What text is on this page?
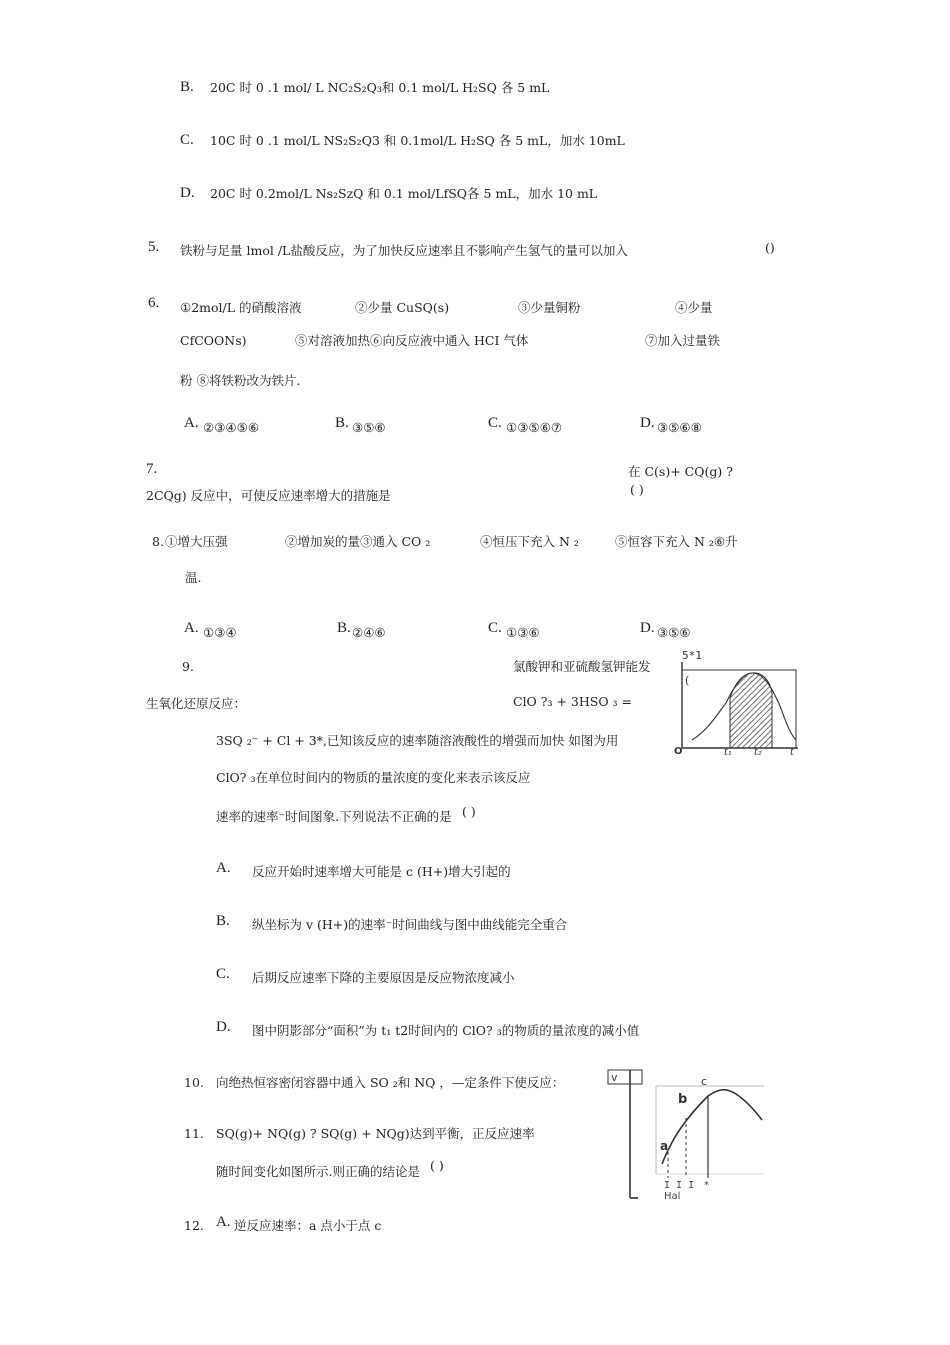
B. 20C 时 0 .1 mol/ L NC₂S₂Q₃和 0.1 mol/L H₂SQ 各 5 mL
C. 10C 时 0 .1 mol/L NS₂S₂Q3 和 0.1mol/L H₂SQ 各 5 mL，加水 10mL
D. 20C 时 0.2mol/L Ns₂SzQ 和 0.1 mol/LfSQ各 5 mL，加水 10 mL
5. 铁粉与足量 lmol /L盐酸反应，为了加快反应速率且不影响产生氢气的量可以加入	()
6. ①2mol/L 的硝酸溶液	②少量 CuSQ(s)	③少量铜粉	④少量
CfCOONs)	⑤对溶液加热⑥向反应液中通入 HCI 气体	⑦加入过量铁
粉 ⑧将铁粉改为铁片.
A. ②③④⑤⑥	B. ③⑤⑥	C. ①③⑤⑥⑦	D. ③⑤⑥⑧
7.	在 C(s)+ CQ(g) ?
( )
2CQg) 反应中，可使反应速率增大的措施是
8. ①增大压强	②增加炭的量③通入 CO ₂	④恒压下充入 N ₂	⑤恒容下充入 N ₂⑥升
温.
A. ①③④	B. ②④⑥	C. ①③⑥	D. ③⑤⑥
9.	氯酸钾和亚硫酸氢钾能发
生氧化还原反应：	ClO ?₃ + 3HSO ₃ =
3SQ ₂⁻ + Cl + 3*,已知该反应的速率随溶液酸性的增强而加快 如图为用
ClO? ₃在单位时间内的物质的量浓度的变化来表示该反应
速率的速率⁻时间图象.下列说法不正确的是 ( )
A. 反应开始时速率增大可能是 c (H+)增大引起的
B. 纵坐标为 v (H+)的速率⁻时间曲线与图中曲线能完全重合
C. 后期反应速率下降的主要原因是反应物浓度减小
D. 图中阴影部分“面积”为 t₁ t2时间内的 ClO? ₃的物质的量浓度的减小值
5*1
(
O	t₁ t₂	t
10. 向绝热恒容密闭容器中通入 SO ₂和 NQ ，—定条件下使反应：
11. SQ(g)+ NQ(g) ? SQ(g) + NQg)达到平衡，正反应速率
随时间变化如图所示.则正确的结论是 ( )
12. A. 逆反应速率：a 点小于点 c
v
a
b
c
I I I *
Hal
